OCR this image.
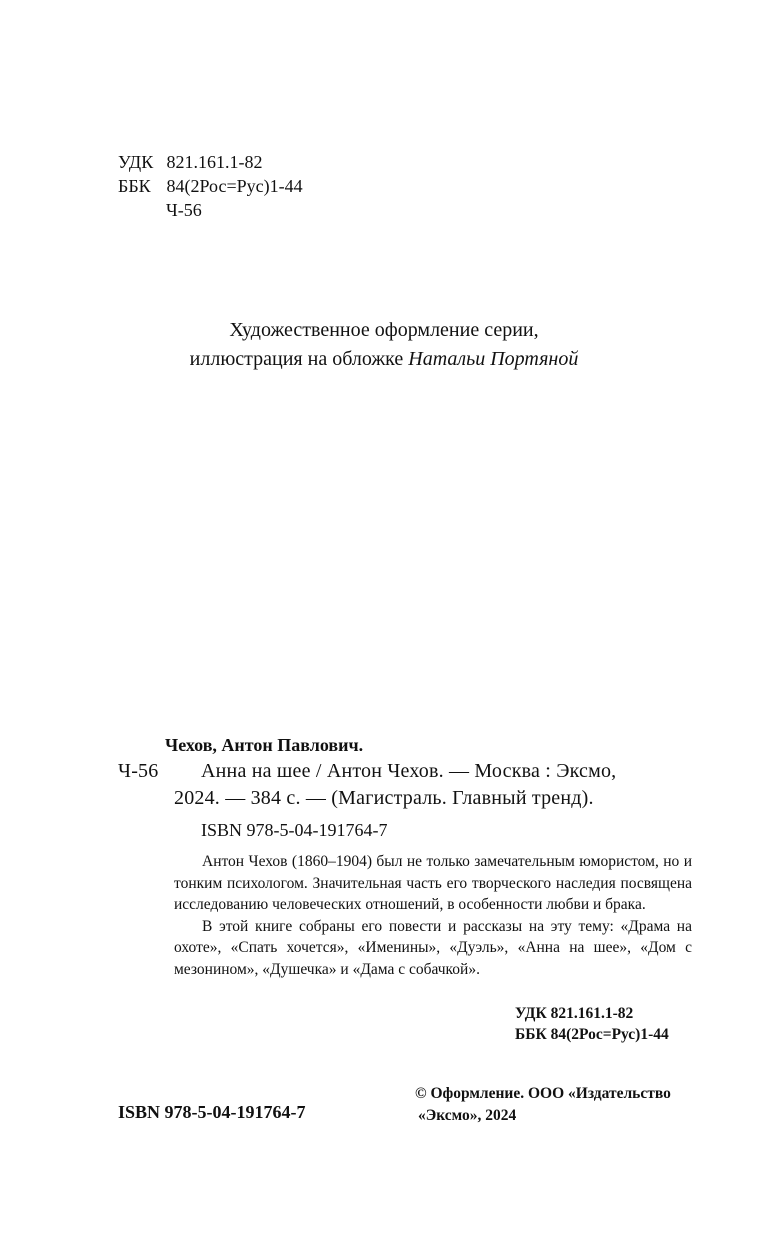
УДК 821.161.1-82
ББК 84(2Рос=Рус)1-44
Ч-56
Художественное оформление серии,
иллюстрация на обложке Натальи Портяной
Чехов, Антон Павлович.
Ч-56 Анна на шее / Антон Чехов. — Москва : Эксмо,
2024. — 384 с. — (Магистраль. Главный тренд).
ISBN 978-5-04-191764-7

Антон Чехов (1860–1904) был не только замечательным юмористом, но и тонким психологом. Значительная часть его творческого наследия посвящена исследованию человеческих отношений, в особенности любви и брака.

В этой книге собраны его повести и рассказы на эту тему: «Драма на охоте», «Спать хочется», «Именины», «Дуэль», «Анна на шее», «Дом с мезонином», «Душечка» и «Дама с собачкой».

УДК 821.161.1-82
ББК 84(2Рос=Рус)1-44
ISBN 978-5-04-191764-7
© Оформление. ООО «Издательство
«Эксмо», 2024
